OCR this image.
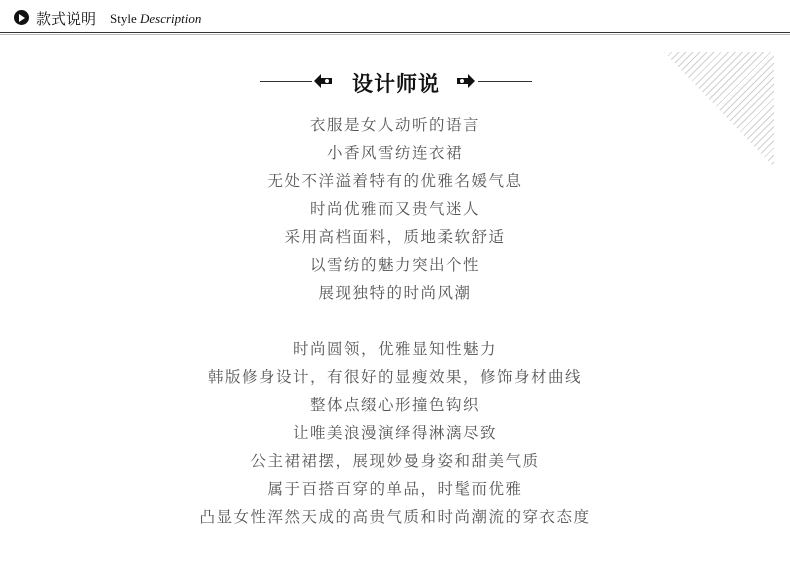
款式说明 Style Description
设计师说
衣服是女人动听的语言
小香风雪纺连衣裙
无处不洋溢着特有的优雅名媛气息
时尚优雅而又贵气迷人
采用高档面料，质地柔软舒适
以雪纺的魅力突出个性
展现独特的时尚风潮
时尚圆领，优雅显知性魅力
韩版修身设计，有很好的显瘦效果，修饰身材曲线
整体点缀心形撞色钩织
让唯美浪漫演绎得淋漓尽致
公主裙裙摆，展现妙曼身姿和甜美气质
属于百搭百穿的单品，时髦而优雅
凸显女性浑然天成的高贵气质和时尚潮流的穿衣态度
